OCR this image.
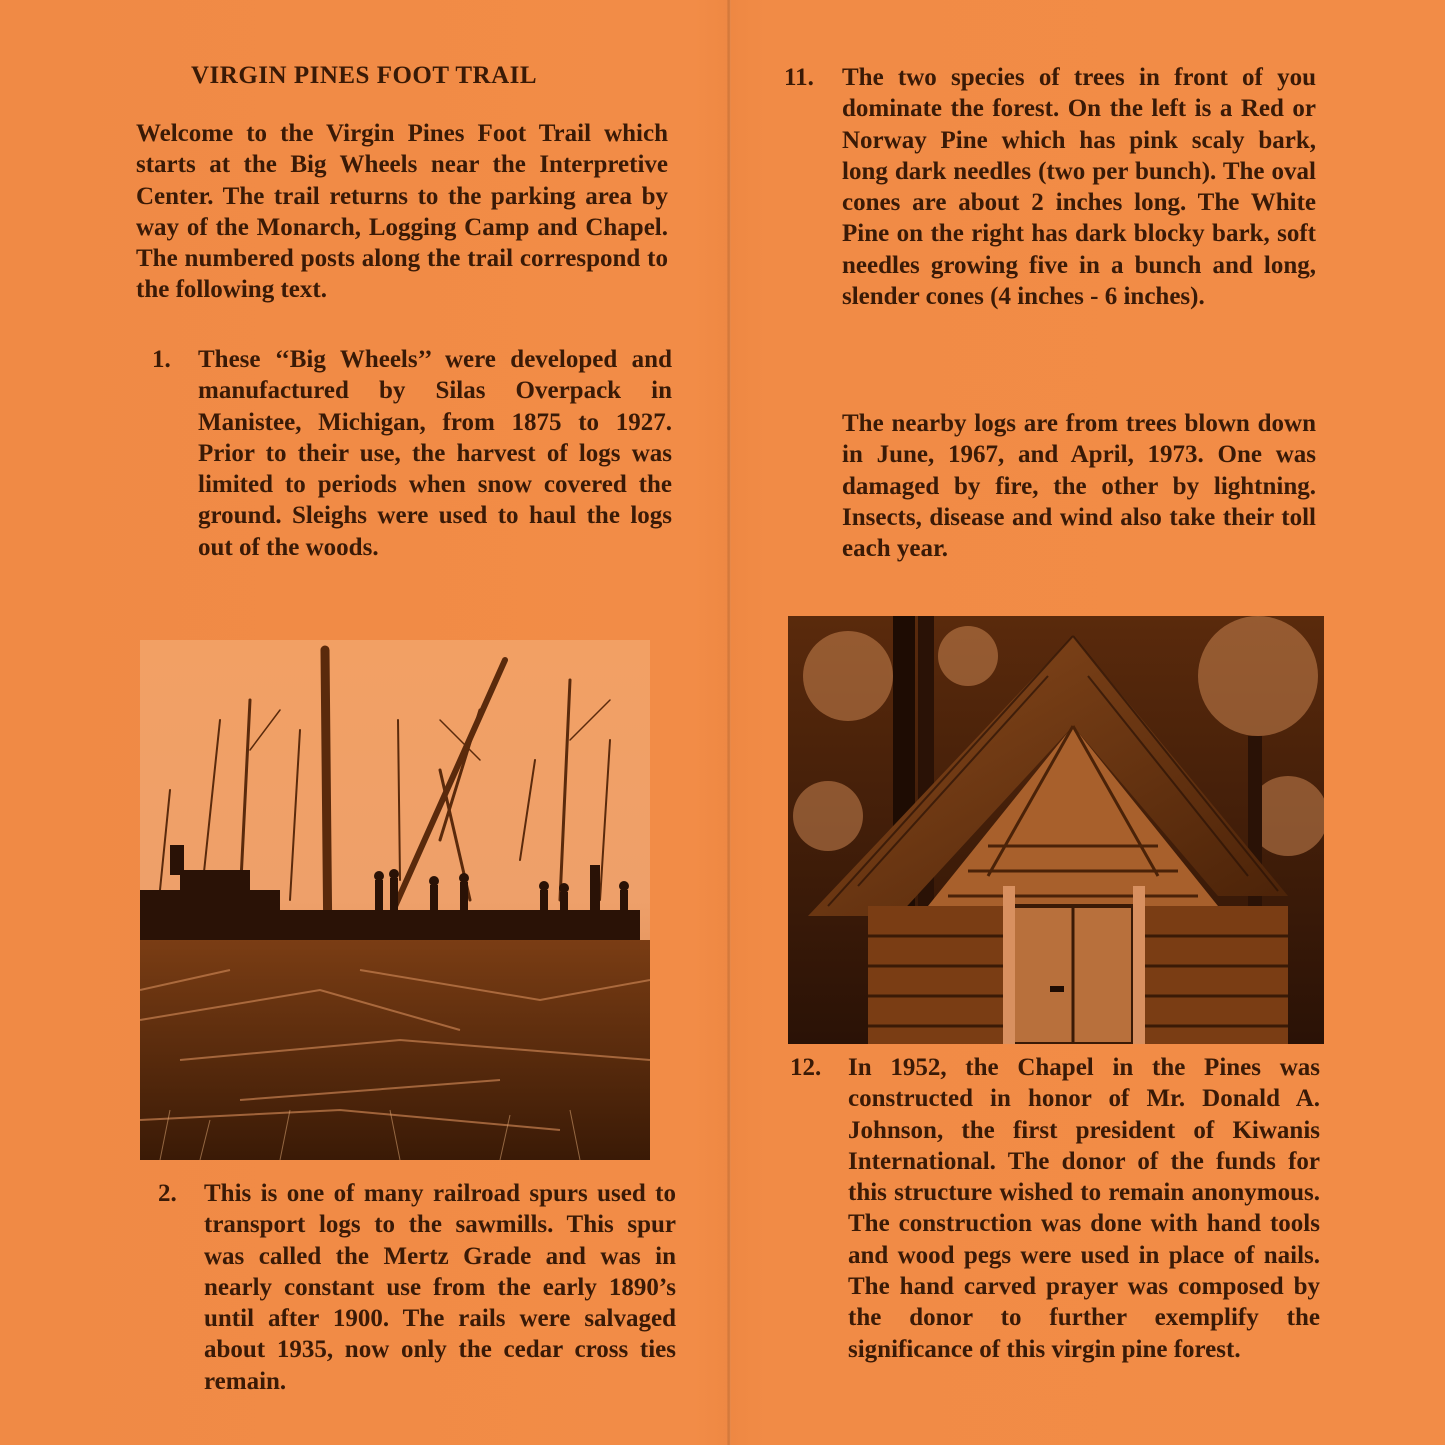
VIRGIN PINES FOOT TRAIL

Welcome to the Virgin Pines Foot Trail which starts at the Big Wheels near the Interpretive Center. The trail returns to the parking area by way of the Monarch, Logging Camp and Chapel. The numbered posts along the trail correspond to the following text.

1. These ‘‘Big Wheels’’ were developed and manufactured by Silas Overpack in Manistee, Michigan, from 1875 to 1927. Prior to their use, the harvest of logs was limited to periods when snow covered the ground. Sleighs were used to haul the logs out of the woods.

2. This is one of many railroad spurs used to transport logs to the sawmills. This spur was called the Mertz Grade and was in nearly constant use from the early 1890’s until after 1900. The rails were salvaged about 1935, now only the cedar cross ties remain.

11. The two species of trees in front of you dominate the forest. On the left is a Red or Norway Pine which has pink scaly bark, long dark needles (two per bunch). The oval cones are about 2 inches long. The White Pine on the right has dark blocky bark, soft needles growing five in a bunch and long, slender cones (4 inches - 6 inches).

The nearby logs are from trees blown down in June, 1967, and April, 1973. One was damaged by fire, the other by lightning. Insects, disease and wind also take their toll each year.

12. In 1952, the Chapel in the Pines was constructed in honor of Mr. Donald A. Johnson, the first president of Kiwanis International. The donor of the funds for this structure wished to remain anonymous. The construction was done with hand tools and wood pegs were used in place of nails. The hand carved prayer was composed by the donor to further exemplify the significance of this virgin pine forest.
